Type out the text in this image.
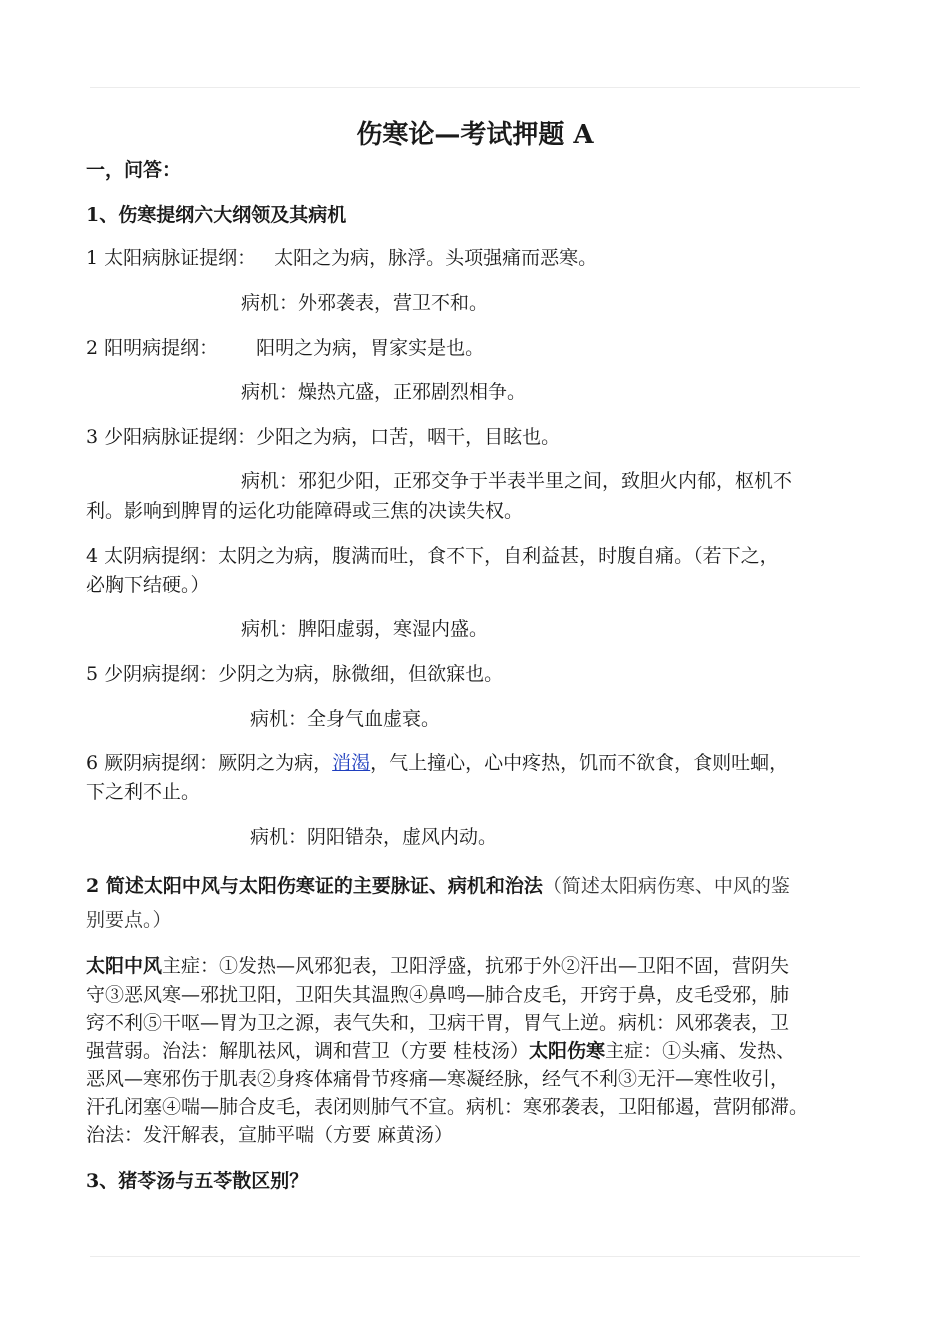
伤寒论—考试押题 A
一，问答：
1、伤寒提纲六大纲领及其病机
1 太阳病脉证提纲： 太阳之为病，脉浮。头项强痛而恶寒。
病机：外邪袭表，营卫不和。
2 阳明病提纲： 阳明之为病，胃家实是也。
病机：燥热亢盛，正邪剧烈相争。
3 少阳病脉证提纲：少阳之为病，口苦，咽干，目眩也。
病机：邪犯少阳，正邪交争于半表半里之间，致胆火内郁，枢机不
利。影响到脾胃的运化功能障碍或三焦的决读失权。
4 太阴病提纲：太阴之为病，腹满而吐，食不下，自利益甚，时腹自痛。（若下之，
必胸下结硬。）
病机：脾阳虚弱，寒湿内盛。
5 少阴病提纲：少阴之为病，脉微细，但欲寐也。
病机：全身气血虚衰。
6 厥阴病提纲：厥阴之为病，消渴，气上撞心，心中疼热，饥而不欲食，食则吐蛔，
下之利不止。
病机：阴阳错杂，虚风内动。
2 简述太阳中风与太阳伤寒证的主要脉证、病机和治法（简述太阳病伤寒、中风的鉴
别要点。）
太阳中风主症：①发热—风邪犯表，卫阳浮盛，抗邪于外②汗出—卫阳不固，营阴失
守③恶风寒—邪扰卫阳，卫阳失其温煦④鼻鸣—肺合皮毛，开窍于鼻，皮毛受邪，肺
窍不利⑤干呕—胃为卫之源，表气失和，卫病干胃，胃气上逆。病机：风邪袭表，卫
强营弱。治法：解肌祛风，调和营卫（方要 桂枝汤）太阳伤寒主症：①头痛、发热、
恶风—寒邪伤于肌表②身疼体痛骨节疼痛—寒凝经脉，经气不利③无汗—寒性收引，
汗孔闭塞④喘—肺合皮毛，表闭则肺气不宣。病机：寒邪袭表，卫阳郁遏，营阴郁滞。
治法：发汗解表，宣肺平喘（方要 麻黄汤）
3、猪苓汤与五苓散区别？
